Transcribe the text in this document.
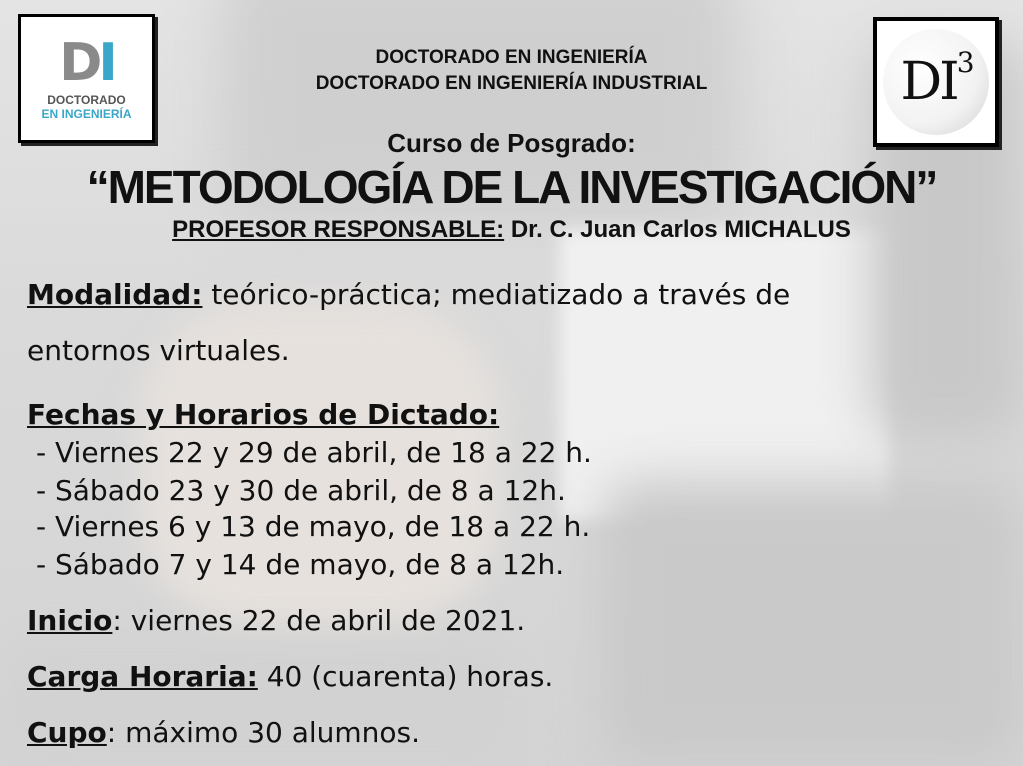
DI
DOCTORADO
EN INGENIERÍA
$DI^3$
DOCTORADO EN INGENIERÍA
DOCTORADO EN INGENIERÍA INDUSTRIAL
Curso de Posgrado:
“METODOLOGÍA DE LA INVESTIGACIÓN”
PROFESOR RESPONSABLE: Dr. C. Juan Carlos MICHALUS
Modalidad: teórico-práctica; mediatizado a través de
entornos virtuales.
Fechas y Horarios de Dictado:
- Viernes 22 y 29 de abril, de 18 a 22 h.
- Sábado 23 y 30 de abril, de 8 a 12h.
- Viernes 6 y 13 de mayo, de 18 a 22 h.
- Sábado 7 y 14 de mayo, de 8 a 12h.
Inicio: viernes 22 de abril de 2021.
Carga Horaria: 40 (cuarenta) horas.
Cupo: máximo 30 alumnos.
